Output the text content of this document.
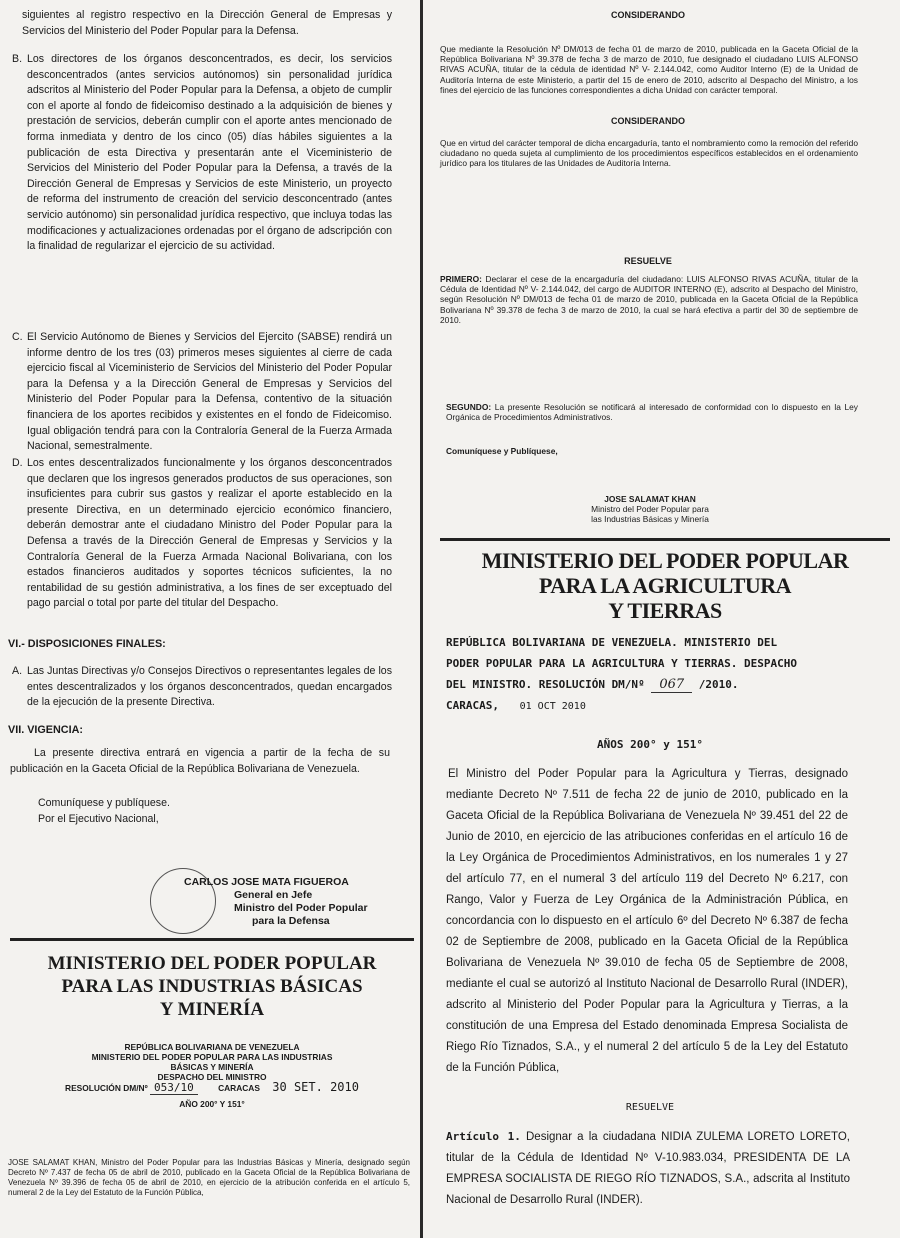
siguientes al registro respectivo en la Dirección General de Empresas y Servicios del Ministerio del Poder Popular para la Defensa.

B. Los directores de los órganos desconcentrados, es decir, los servicios desconcentrados (antes servicios autónomos) sin personalidad jurídica adscritos al Ministerio del Poder Popular para la Defensa, a objeto de cumplir con el aporte al fondo de fideicomiso destinado a la adquisición de bienes y prestación de servicios, deberán cumplir con el aporte antes mencionado de forma inmediata y dentro de los cinco (05) días hábiles siguientes a la publicación de esta Directiva y presentarán ante el Viceministerio de Servicios del Ministerio del Poder Popular para la Defensa, a través de la Dirección General de Empresas y Servicios de este Ministerio, un proyecto de reforma del instrumento de creación del servicio desconcentrado (antes servicio autónomo) sin personalidad jurídica respectivo, que incluya todas las modificaciones y actualizaciones ordenadas por el órgano de adscripción con la finalidad de regularizar el ejercicio de su actividad.

C. El Servicio Autónomo de Bienes y Servicios del Ejercito (SABSE) rendirá un informe dentro de los tres (03) primeros meses siguientes al cierre de cada ejercicio fiscal al Viceministerio de Servicios del Ministerio del Poder Popular para la Defensa y a la Dirección General de Empresas y Servicios del Ministerio del Poder Popular para la Defensa, contentivo de la situación financiera de los aportes recibidos y existentes en el fondo de Fideicomiso. Igual obligación tendrá para con la Contraloría General de la Fuerza Armada Nacional, semestralmente.

D. Los entes descentralizados funcionalmente y los órganos desconcentrados que declaren que los ingresos generados productos de sus operaciones, son insuficientes para cubrir sus gastos y realizar el aporte establecido en la presente Directiva, en un determinado ejercicio económico financiero, deberán demostrar ante el ciudadano Ministro del Poder Popular para la Defensa a través de la Dirección General de Empresas y Servicios y la Contraloría General de la Fuerza Armada Nacional Bolivariana, con los estados financieros auditados y soportes técnicos suficientes, la no rentabilidad de su gestión administrativa, a los fines de ser exceptuado del pago parcial o total por parte del titular del Despacho.

VI.- DISPOSICIONES FINALES:
A. Las Juntas Directivas y/o Consejos Directivos o representantes legales de los entes descentralizados y los órganos desconcentrados, quedan encargados de la ejecución de la presente Directiva.

VII. VIGENCIA:

La presente directiva entrará en vigencia a partir de la fecha de su publicación en la Gaceta Oficial de la República Bolivariana de Venezuela.

Comuníquese y publíquese.
Por el Ejecutivo Nacional,
CARLOS JOSE MATA FIGUEROA
General en Jefe
Ministro del Poder Popular
para la Defensa
MINISTERIO DEL PODER POPULAR
PARA LAS INDUSTRIAS BÁSICAS
Y MINERÍA
REPÚBLICA BOLIVARIANA DE VENEZUELA
MINISTERIO DEL PODER POPULAR PARA LAS INDUSTRIAS
BÁSICAS Y MINERÍA
DESPACHO DEL MINISTRO
RESOLUCIÓN DM/Nº 053/10	CARACAS 30 SET. 2010
AÑO 200° Y 151°

JOSE SALAMAT KHAN, Ministro del Poder Popular para las Industrias Básicas y Minería, designado según Decreto Nº 7.437 de fecha 05 de abril de 2010, publicado en la Gaceta Oficial de la República Bolivariana de Venezuela Nº 39.396 de fecha 05 de abril de 2010, en ejercicio de la atribución conferida en el artículo 5, numeral 2 de la Ley del Estatuto de la Función Pública,

CONSIDERANDO

Que mediante la Resolución Nº DM/013 de fecha 01 de marzo de 2010, publicada en la Gaceta Oficial de la República Bolivariana Nº 39.378 de fecha 3 de marzo de 2010, fue designado el ciudadano LUIS ALFONSO RIVAS ACUÑA, titular de la cédula de identidad Nº V- 2.144.042, como Auditor Interno (E) de la Unidad de Auditoría Interna de este Ministerio, a partir del 15 de enero de 2010, adscrito al Despacho del Ministro, a los fines del ejercicio de las funciones correspondientes a dicha Unidad con carácter temporal.

CONSIDERANDO

Que en virtud del carácter temporal de dicha encargaduría, tanto el nombramiento como la remoción del referido ciudadano no queda sujeta al cumplimiento de los procedimientos específicos establecidos en el ordenamiento jurídico para los titulares de las Unidades de Auditoría Interna.

RESUELVE

PRIMERO: Declarar el cese de la encargaduría del ciudadano: LUIS ALFONSO RIVAS ACUÑA, titular de la Cédula de Identidad Nº V- 2.144.042, del cargo de AUDITOR INTERNO (E), adscrito al Despacho del Ministro, según Resolución Nº DM/013 de fecha 01 de marzo de 2010, publicada en la Gaceta Oficial de la República Bolivariana Nº 39.378 de fecha 3 de marzo de 2010, la cual se hará efectiva a partir del 30 de septiembre de 2010.

SEGUNDO: La presente Resolución se notificará al interesado de conformidad con lo dispuesto en la Ley Orgánica de Procedimientos Administrativos.

Comuníquese y Publíquese,
JOSE SALAMAT KHAN
Ministro del Poder Popular para
las Industrias Básicas y Minería
MINISTERIO DEL PODER POPULAR
PARA LA AGRICULTURA
Y TIERRAS
REPÚBLICA BOLIVARIANA DE VENEZUELA. MINISTERIO DEL
PODER POPULAR PARA LA AGRICULTURA Y TIERRAS. DESPACHO
DEL MINISTRO. RESOLUCIÓN DM/Nº 067 /2010.
CARACAS, 01 OCT 2010
AÑOS 200° y 151°

El Ministro del Poder Popular para la Agricultura y Tierras, designado mediante Decreto Nº 7.511 de fecha 22 de junio de 2010, publicado en la Gaceta Oficial de la República Bolivariana de Venezuela Nº 39.451 del 22 de Junio de 2010, en ejercicio de las atribuciones conferidas en el artículo 16 de la Ley Orgánica de Procedimientos Administrativos, en los numerales 1 y 27 del artículo 77, en el numeral 3 del artículo 119 del Decreto Nº 6.217, con Rango, Valor y Fuerza de Ley Orgánica de la Administración Pública, en concordancia con lo dispuesto en el artículo 6º del Decreto Nº 6.387 de fecha 02 de Septiembre de 2008, publicado en la Gaceta Oficial de la República Bolivariana de Venezuela Nº 39.010 de fecha 05 de Septiembre de 2008, mediante el cual se autorizó al Instituto Nacional de Desarrollo Rural (INDER), adscrito al Ministerio del Poder Popular para la Agricultura y Tierras, a la constitución de una Empresa del Estado denominada Empresa Socialista de Riego Río Tiznados, S.A., y el numeral 2 del artículo 5 de la Ley del Estatuto de la Función Pública,

RESUELVE

Artículo 1. Designar a la ciudadana NIDIA ZULEMA LORETO LORETO, titular de la Cédula de Identidad Nº V-10.983.034, PRESIDENTA DE LA EMPRESA SOCIALISTA DE RIEGO RÍO TIZNADOS, S.A., adscrita al Instituto Nacional de Desarrollo Rural (INDER).
